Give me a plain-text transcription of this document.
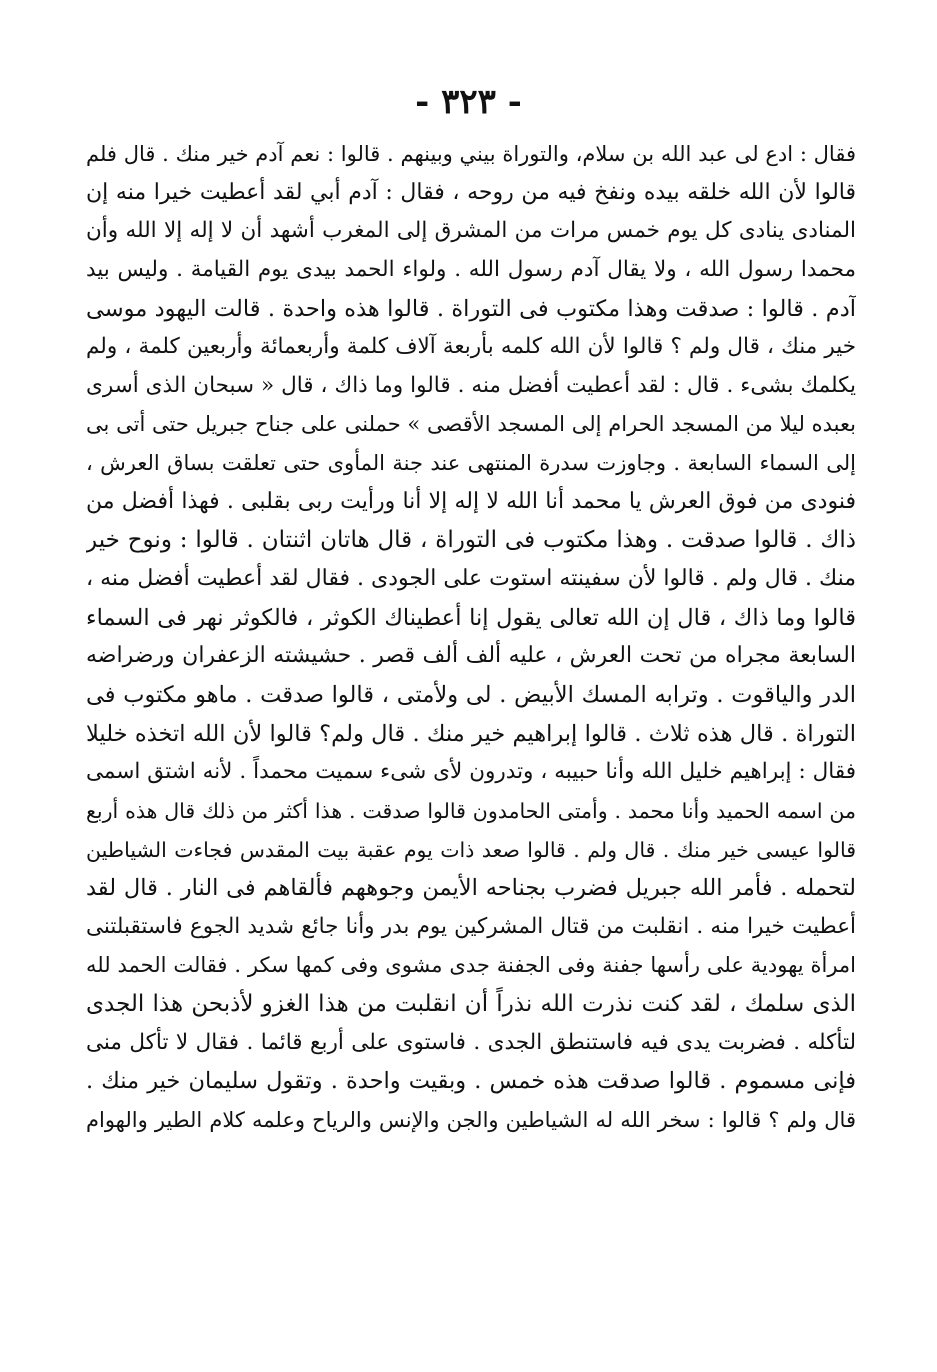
- ٣٢٣ -
فقال : ادع لى عبد الله بن سلام، والتوراة بيني وبينهم . قالوا : نعم آدم خير منك . قال فلم
قالوا لأن الله خلقه بيده ونفخ فيه من روحه ، فقال : آدم أبي لقد أعطيت خيرا منه إن
المنادى ينادى كل يوم خمس مرات من المشرق إلى المغرب أشهد أن لا إله إلا الله وأن
محمدا رسول الله ، ولا يقال آدم رسول الله . ولواء الحمد بيدى يوم القيامة . وليس بيد
آدم . قالوا : صدقت وهذا مكتوب فى التوراة . قالوا هذه واحدة . قالت اليهود موسى
خير منك ، قال ولم ؟ قالوا لأن الله كلمه بأربعة آلاف كلمة وأربعمائة وأربعين كلمة ، ولم
يكلمك بشىء . قال : لقد أعطيت أفضل منه . قالوا وما ذاك ، قال « سبحان الذى أسرى
بعبده ليلا من المسجد الحرام إلى المسجد الأقصى » حملنى على جناح جبريل حتى أتى بى
إلى السماء السابعة . وجاوزت سدرة المنتهى عند جنة المأوى حتى تعلقت بساق العرش ،
فنودى من فوق العرش يا محمد أنا الله لا إله إلا أنا ورأيت ربى بقلبى . فهذا أفضل من
ذاك . قالوا صدقت . وهذا مكتوب فى التوراة ، قال هاتان اثنتان . قالوا : ونوح خير
منك . قال ولم . قالوا لأن سفينته استوت على الجودى . فقال لقد أعطيت أفضل منه ،
قالوا وما ذاك ، قال إن الله تعالى يقول إنا أعطيناك الكوثر ، فالكوثر نهر فى السماء
السابعة مجراه من تحت العرش ، عليه ألف ألف قصر . حشيشته الزعفران ورضراضه
الدر والياقوت . وترابه المسك الأبيض . لى ولأمتى ، قالوا صدقت . ماهو مكتوب فى
التوراة . قال هذه ثلاث . قالوا إبراهيم خير منك . قال ولم؟ قالوا لأن الله اتخذه خليلا
فقال : إبراهيم خليل الله وأنا حبيبه ، وتدرون لأى شىء سميت محمداً . لأنه اشتق اسمى
من اسمه الحميد وأنا محمد . وأمتى الحامدون قالوا صدقت . هذا أكثر من ذلك قال هذه أربع
قالوا عيسى خير منك . قال ولم . قالوا صعد ذات يوم عقبة بيت المقدس فجاءت الشياطين
لتحمله . فأمر الله جبريل فضرب بجناحه الأيمن وجوههم فألقاهم فى النار . قال لقد
أعطيت خيرا منه . انقلبت من قتال المشركين يوم بدر وأنا جائع شديد الجوع فاستقبلتنى
امرأة يهودية على رأسها جفنة وفى الجفنة جدى مشوى وفى كمها سكر . فقالت الحمد لله
الذى سلمك ، لقد كنت نذرت الله نذراً أن انقلبت من هذا الغزو لأذبحن هذا الجدى
لتأكله . فضربت يدى فيه فاستنطق الجدى . فاستوى على أربع قائما . فقال لا تأكل منى
فإنى مسموم . قالوا صدقت هذه خمس . وبقيت واحدة . وتقول سليمان خير منك .
قال ولم ؟ قالوا : سخر الله له الشياطين والجن والإنس والرياح وعلمه كلام الطير والهوام
